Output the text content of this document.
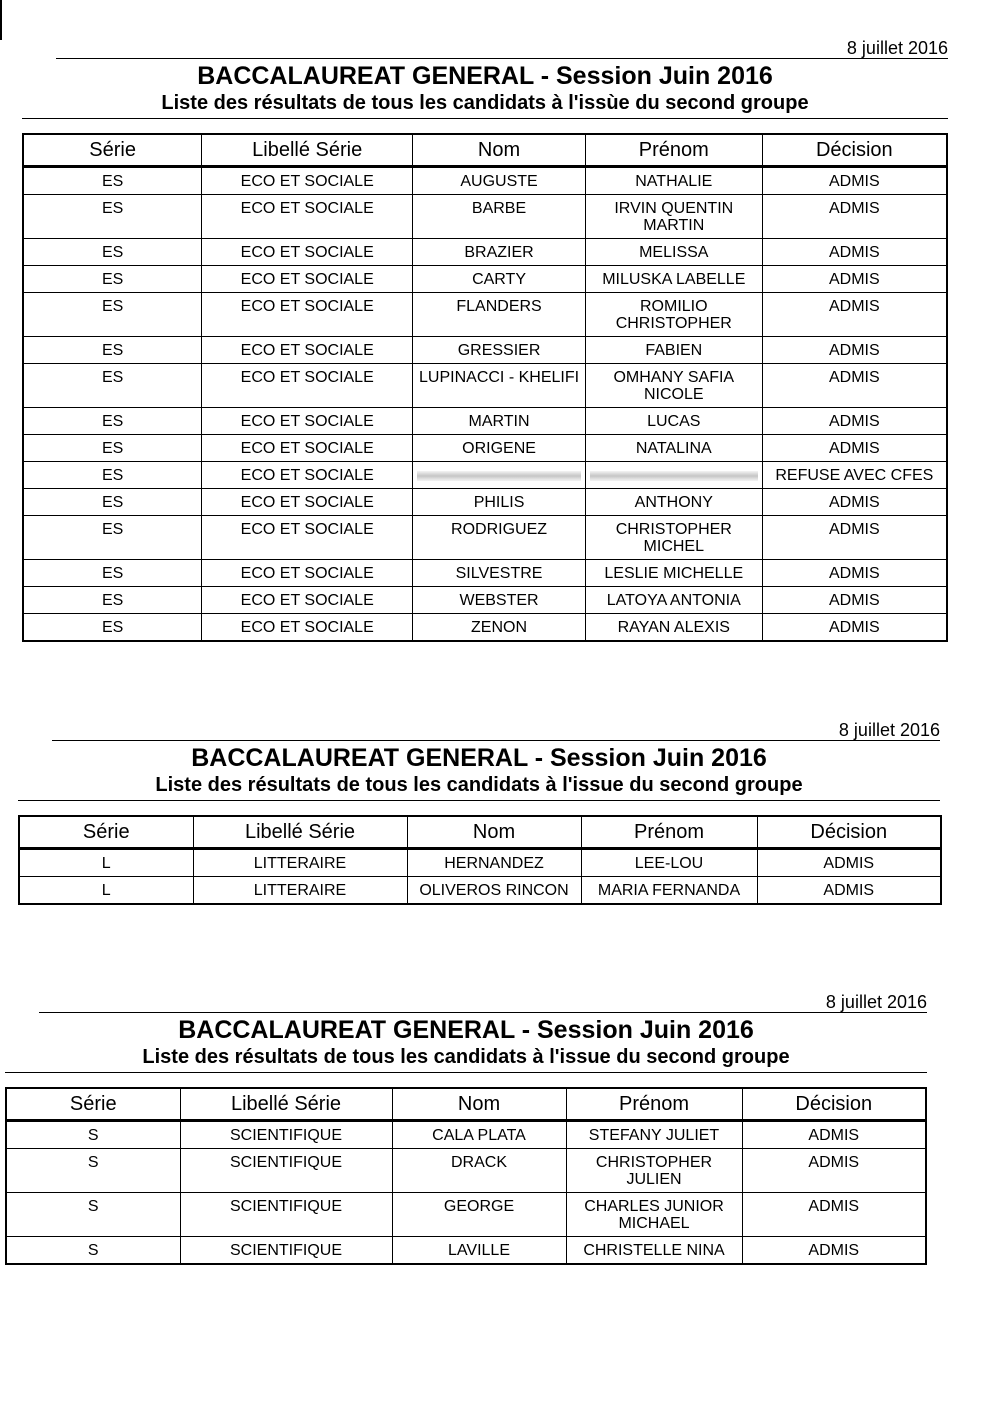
8 juillet 2016
BACCALAUREAT GENERAL - Session Juin 2016
Liste des résultats de tous les candidats à l'issùe du second groupe
Série	Libellé Série	Nom	Prénom	Décision
ES	ECO ET SOCIALE	AUGUSTE	NATHALIE	ADMIS
ES	ECO ET SOCIALE	BARBE	IRVIN QUENTIN MARTIN	ADMIS
ES	ECO ET SOCIALE	BRAZIER	MELISSA	ADMIS
ES	ECO ET SOCIALE	CARTY	MILUSKA LABELLE	ADMIS
ES	ECO ET SOCIALE	FLANDERS	ROMILIO CHRISTOPHER	ADMIS
ES	ECO ET SOCIALE	GRESSIER	FABIEN	ADMIS
ES	ECO ET SOCIALE	LUPINACCI - KHELIFI	OMHANY SAFIA NICOLE	ADMIS
ES	ECO ET SOCIALE	MARTIN	LUCAS	ADMIS
ES	ECO ET SOCIALE	ORIGENE	NATALINA	ADMIS
ES	ECO ET SOCIALE			REFUSE AVEC CFES
ES	ECO ET SOCIALE	PHILIS	ANTHONY	ADMIS
ES	ECO ET SOCIALE	RODRIGUEZ	CHRISTOPHER MICHEL	ADMIS
ES	ECO ET SOCIALE	SILVESTRE	LESLIE MICHELLE	ADMIS
ES	ECO ET SOCIALE	WEBSTER	LATOYA ANTONIA	ADMIS
ES	ECO ET SOCIALE	ZENON	RAYAN ALEXIS	ADMIS
8 juillet 2016
BACCALAUREAT GENERAL - Session Juin 2016
Liste des résultats de tous les candidats à l'issue du second groupe
Série	Libellé Série	Nom	Prénom	Décision
L	LITTERAIRE	HERNANDEZ	LEE-LOU	ADMIS
L	LITTERAIRE	OLIVEROS RINCON	MARIA FERNANDA	ADMIS
8 juillet 2016
BACCALAUREAT GENERAL - Session Juin 2016
Liste des résultats de tous les candidats à l'issue du second groupe
Série	Libellé Série	Nom	Prénom	Décision
S	SCIENTIFIQUE	CALA PLATA	STEFANY JULIET	ADMIS
S	SCIENTIFIQUE	DRACK	CHRISTOPHER JULIEN	ADMIS
S	SCIENTIFIQUE	GEORGE	CHARLES JUNIOR MICHAEL	ADMIS
S	SCIENTIFIQUE	LAVILLE	CHRISTELLE NINA	ADMIS
